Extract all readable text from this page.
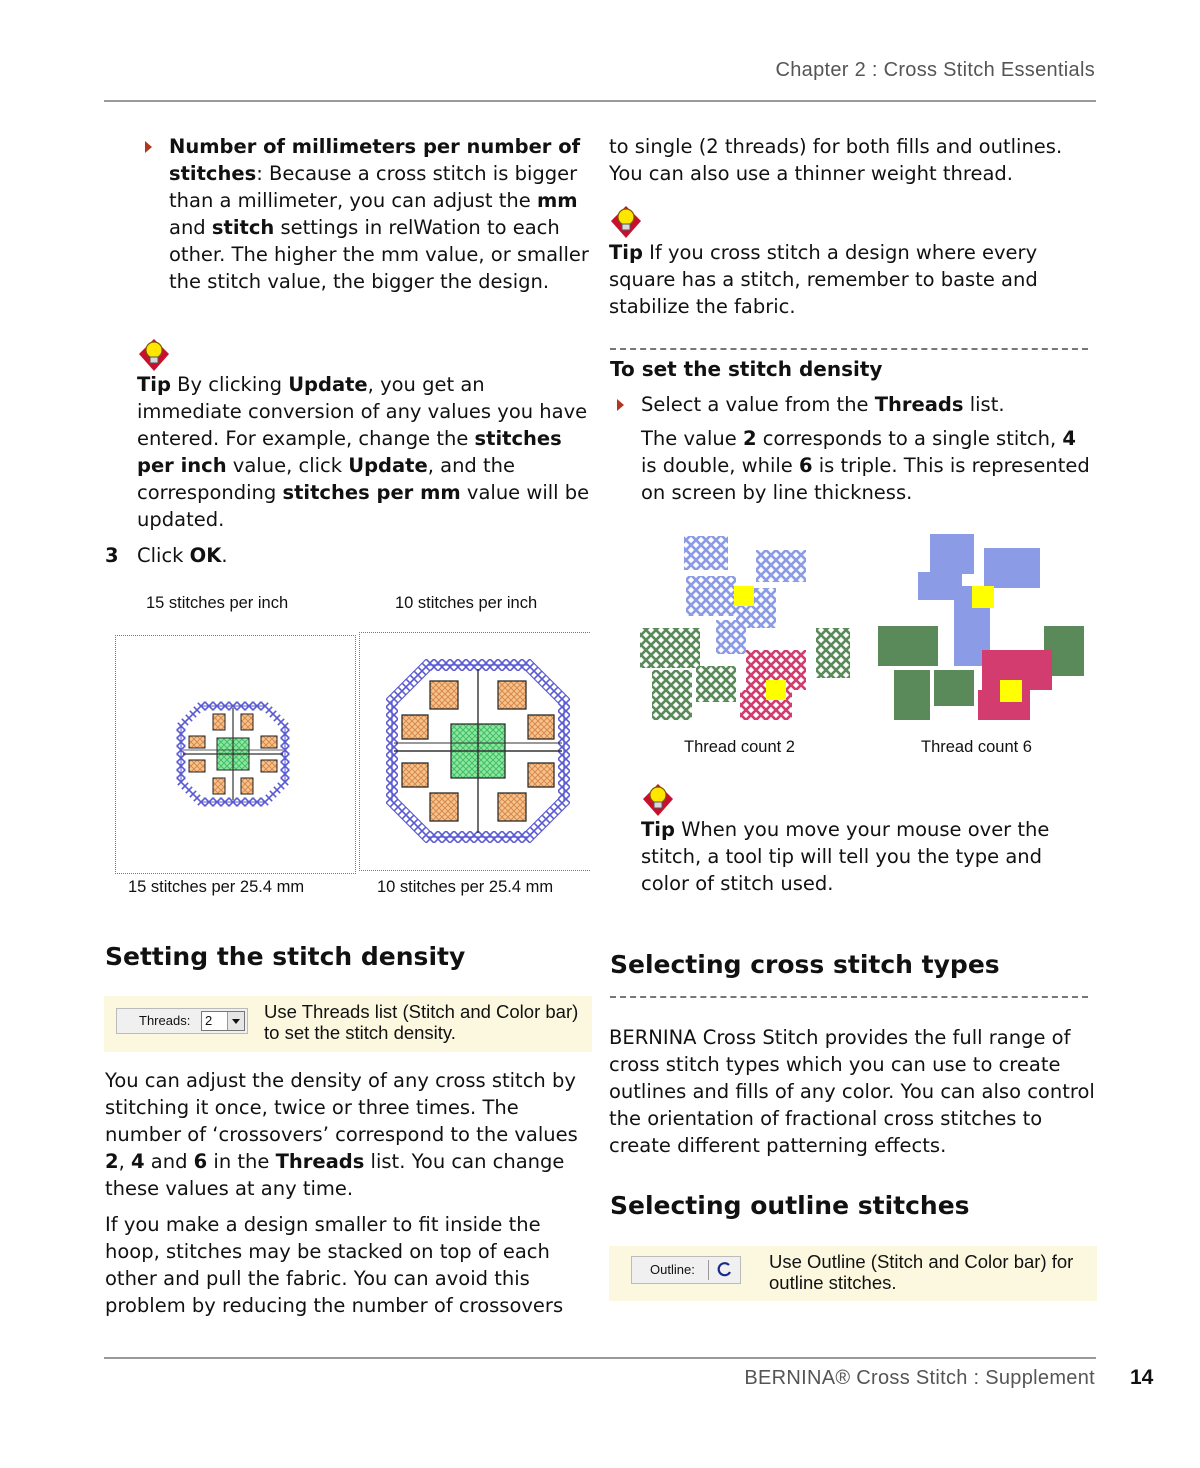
Chapter 2 : Cross Stitch Essentials
Number of millimeters per number of stitches: Because a cross stitch is bigger than a millimeter, you can adjust the mm and stitch settings in relWation to each other. The higher the mm value, or smaller the stitch value, the bigger the design.
Tip By clicking Update, you get an immediate conversion of any values you have entered. For example, change the stitches per inch value, click Update, and the corresponding stitches per mm value will be updated.
3 Click OK.
15 stitches per inch	10 stitches per inch
15 stitches per 25.4 mm	10 stitches per 25.4 mm
Setting the stitch density
Threads: 2	Use Threads list (Stitch and Color bar) to set the stitch density.
You can adjust the density of any cross stitch by stitching it once, twice or three times. The number of ‘crossovers’ correspond to the values 2, 4 and 6 in the Threads list. You can change these values at any time.
If you make a design smaller to fit inside the hoop, stitches may be stacked on top of each other and pull the fabric. You can avoid this problem by reducing the number of crossovers
to single (2 threads) for both fills and outlines. You can also use a thinner weight thread.
Tip If you cross stitch a design where every square has a stitch, remember to baste and stabilize the fabric.
To set the stitch density
Select a value from the Threads list.
The value 2 corresponds to a single stitch, 4 is double, while 6 is triple. This is represented on screen by line thickness.
Thread count 2	Thread count 6
Tip When you move your mouse over the stitch, a tool tip will tell you the type and color of stitch used.
Selecting cross stitch types
BERNINA Cross Stitch provides the full range of cross stitch types which you can use to create outlines and fills of any color. You can also control the orientation of fractional cross stitches to create different patterning effects.
Selecting outline stitches
Outline:	Use Outline (Stitch and Color bar) for outline stitches.
BERNINA® Cross Stitch : Supplement 14
